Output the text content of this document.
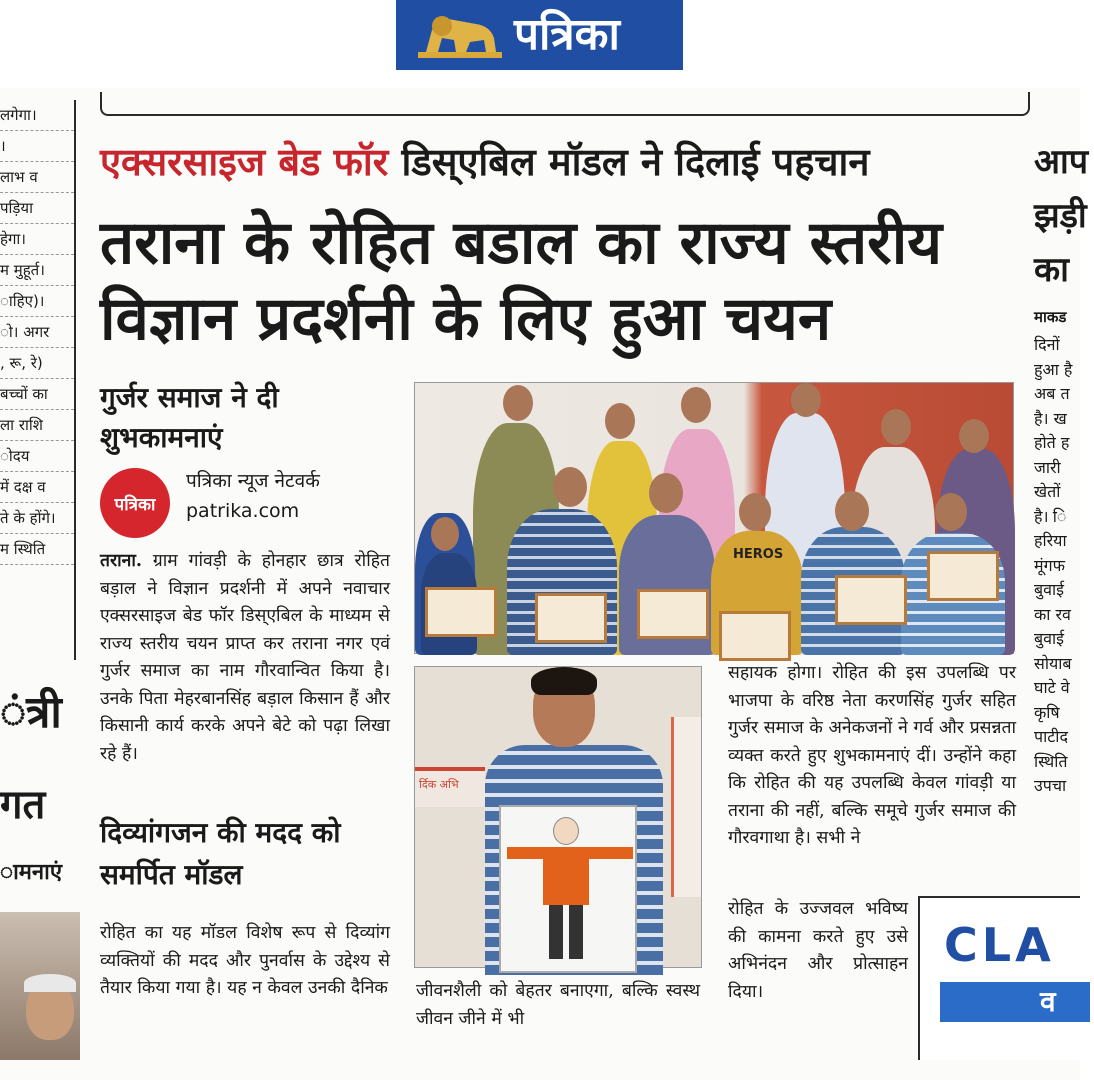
पत्रिका

लगेगा।

।

लाभ व

पड़िया

हेगा।

म मुहूर्त।

ाहिए)।

ो। अगर

, रू, रे)

बच्चों का

ला राशि

ोदय

में दक्ष व

ते के होंगे।

म स्थिति

ंत्री
गत
ामनाएं
एक्सरसाइज बेड फॉर डिस्एबिल मॉडल ने दिलाई पहचान
तराना के रोहित बडाल का राज्य स्तरीय
विज्ञान प्रदर्शनी के लिए हुआ चयन
गुर्जर समाज ने दी
शुभकामनाएं
पत्रिका
पत्रिका न्यूज नेटवर्क
patrika.com
तराना. ग्राम गांवड़ी के होनहार छात्र रोहित बड़ाल ने विज्ञान प्रदर्शनी में अपने नवाचार एक्सरसाइज बेड फॉर डिस्एबिल के माध्यम से राज्य स्तरीय चयन प्राप्त कर तराना नगर एवं गुर्जर समाज का नाम गौरवान्वित किया है। उनके पिता मेहरबानसिंह बड़ाल किसान हैं और किसानी कार्य करके अपने बेटे को पढ़ा लिखा रहे हैं।
दिव्यांगजन की मदद को समर्पित मॉडल
रोहित का यह मॉडल विशेष रूप से दिव्यांग व्यक्तियों की मदद और पुनर्वास के उद्देश्य से तैयार किया गया है। यह न केवल उनकी दैनिक जीवनशैली को बेहतर बनाएगा, बल्कि स्वस्थ जीवन जीने में भी
सहायक होगा। रोहित की इस उपलब्धि पर भाजपा के वरिष्ठ नेता करणसिंह गुर्जर सहित गुर्जर समाज के अनेकजनों ने गर्व और प्रसन्नता व्यक्त करते हुए शुभकामनाएं दीं। उन्होंने कहा कि रोहित की यह उपलब्धि केवल गांवड़ी या तराना की नहीं, बल्कि समूचे गुर्जर समाज की गौरवगाथा है। सभी ने
रोहित के उज्जवल भविष्य की कामना करते हुए उसे अभिनंदन और प्रोत्साहन दिया।
HEROS
र्दिक अभि
आप
झड़ी
का
माकड
दिनों
हुआ है
अब त
है। ख
होते ह
जारी
खेतों
है। ि
हरिया
मूंगफ
बुवाई
का रव
बुवाई
सोयाब
घाटे वे
कृषि
पाटीद
स्थिति
उपचा
CLA
व
